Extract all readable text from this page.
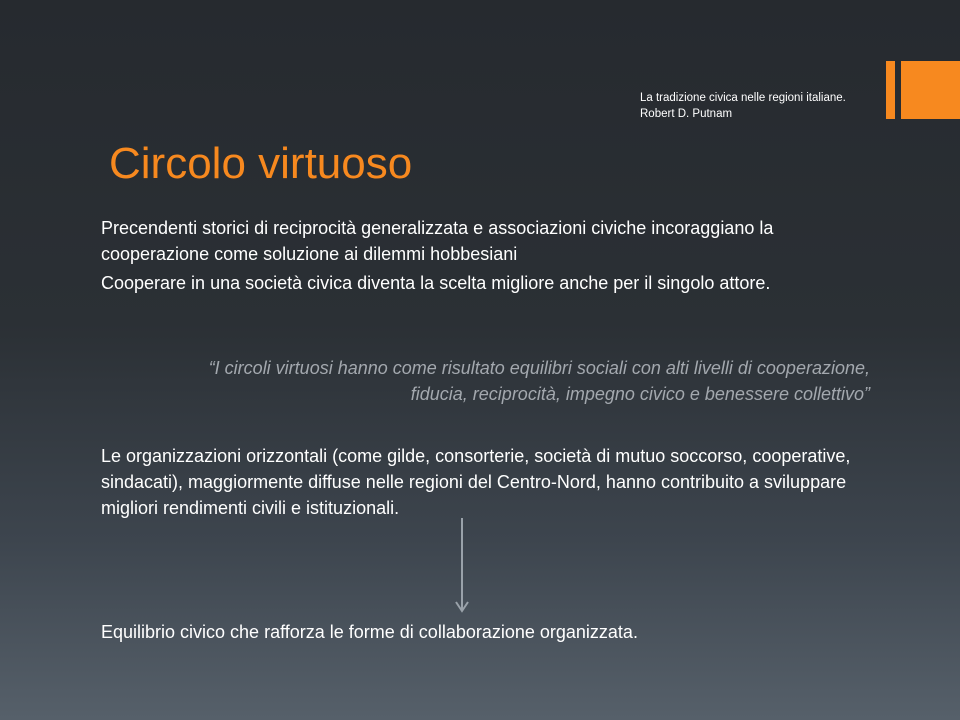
La tradizione civica nelle regioni italiane. Robert D. Putnam
Circolo virtuoso
Precendenti storici di reciprocità generalizzata e associazioni civiche incoraggiano la cooperazione come soluzione ai dilemmi hobbesiani
Cooperare in una società civica diventa la scelta migliore anche per il singolo attore.
“I circoli virtuosi hanno come risultato equilibri sociali con alti livelli di cooperazione, fiducia, reciprocità, impegno civico e benessere collettivo”
Le organizzazioni orizzontali (come gilde, consorterie, società di mutuo soccorso, cooperative, sindacati), maggiormente diffuse nelle regioni del Centro-Nord, hanno contribuito a sviluppare migliori rendimenti civili e istituzionali.
Equilibrio civico che rafforza le forme di collaborazione organizzata.
